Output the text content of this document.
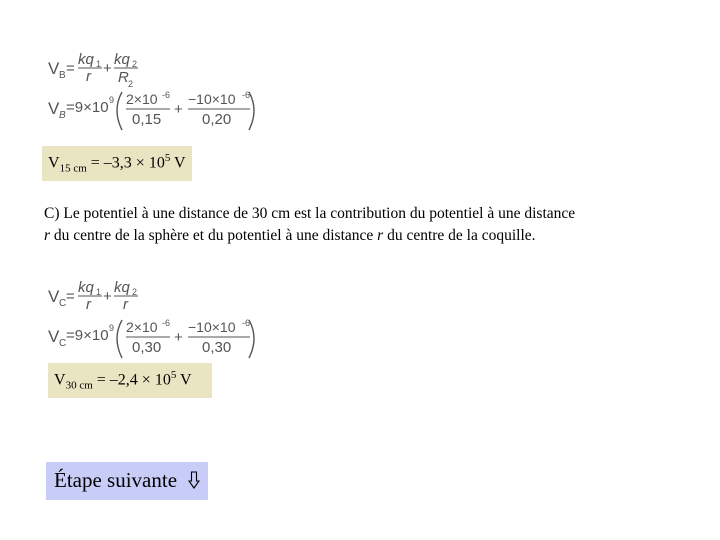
V B =
kq 1
r +
kq 2
R 2
V B =9×10 9 2×10 -6
0,15
+
−10×10 -6
0,20
$V_{15 cm} = -3,3 \times 10^5$ V
C) Le potentiel à une distance de 30 cm est la contribution du potentiel à une distance r du centre de la sphère et du potentiel à une distance r du centre de la coquille.
V C =
kq 1
r +
kq 2
r
V C =9×10 9 2×10 -6
0,30
+
−10×10 -6
0,30
$V_{30 cm} = -2,4 \times 10^5$ V
Étape suivante
